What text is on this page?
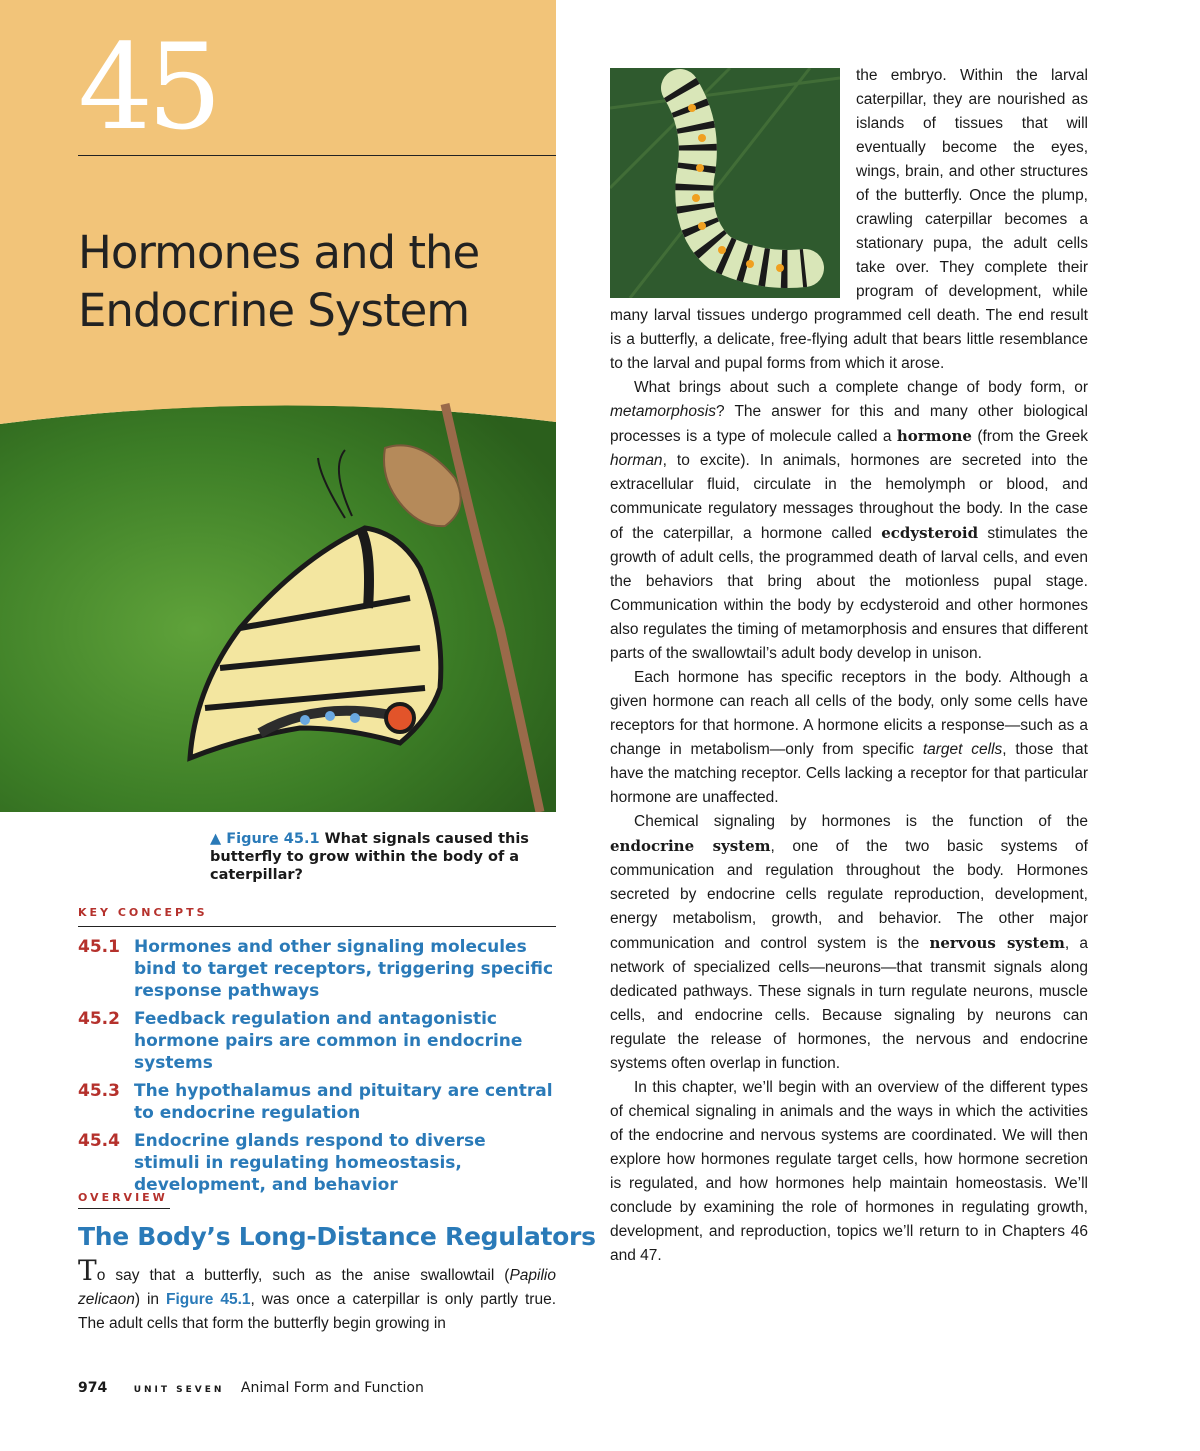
45
Hormones and the Endocrine System
▲ Figure 45.1 What signals caused this butterfly to grow within the body of a caterpillar?
KEY CONCEPTS
45.1 Hormones and other signaling molecules bind to target receptors, triggering specific response pathways
45.2 Feedback regulation and antagonistic hormone pairs are common in endocrine systems
45.3 The hypothalamus and pituitary are central to endocrine regulation
45.4 Endocrine glands respond to diverse stimuli in regulating homeostasis, development, and behavior
OVERVIEW
The Body’s Long-Distance Regulators

To say that a butterfly, such as the anise swallowtail (Papilio zelicaon) in Figure 45.1, was once a caterpillar is only partly true. The adult cells that form the butterfly begin growing in

974	UNIT SEVEN Animal Form and Function

the embryo. Within the larval caterpillar, they are nourished as islands of tissues that will eventually become the eyes, wings, brain, and other structures of the butterfly. Once the plump, crawling caterpillar becomes a stationary pupa, the adult cells take over. They complete their program of development, while many larval tissues undergo programmed cell death. The end result is a butterfly, a delicate, free-flying adult that bears little resemblance to the larval and pupal forms from which it arose.

What brings about such a complete change of body form, or metamorphosis? The answer for this and many other biological processes is a type of molecule called a hormone (from the Greek horman, to excite). In animals, hormones are secreted into the extracellular fluid, circulate in the hemolymph or blood, and communicate regulatory messages throughout the body. In the case of the caterpillar, a hormone called ecdysteroid stimulates the growth of adult cells, the programmed death of larval cells, and even the behaviors that bring about the motionless pupal stage. Communication within the body by ecdysteroid and other hormones also regulates the timing of metamorphosis and ensures that different parts of the swallowtail’s adult body develop in unison.

Each hormone has specific receptors in the body. Although a given hormone can reach all cells of the body, only some cells have receptors for that hormone. A hormone elicits a response—such as a change in metabolism—only from specific target cells, those that have the matching receptor. Cells lacking a receptor for that particular hormone are unaffected.

Chemical signaling by hormones is the function of the endocrine system, one of the two basic systems of communication and regulation throughout the body. Hormones secreted by endocrine cells regulate reproduction, development, energy metabolism, growth, and behavior. The other major communication and control system is the nervous system, a network of specialized cells—neurons—that transmit signals along dedicated pathways. These signals in turn regulate neurons, muscle cells, and endocrine cells. Because signaling by neurons can regulate the release of hormones, the nervous and endocrine systems often overlap in function.

In this chapter, we’ll begin with an overview of the different types of chemical signaling in animals and the ways in which the activities of the endocrine and nervous systems are coordinated. We will then explore how hormones regulate target cells, how hormone secretion is regulated, and how hormones help maintain homeostasis. We’ll conclude by examining the role of hormones in regulating growth, development, and reproduction, topics we’ll return to in Chapters 46 and 47.
